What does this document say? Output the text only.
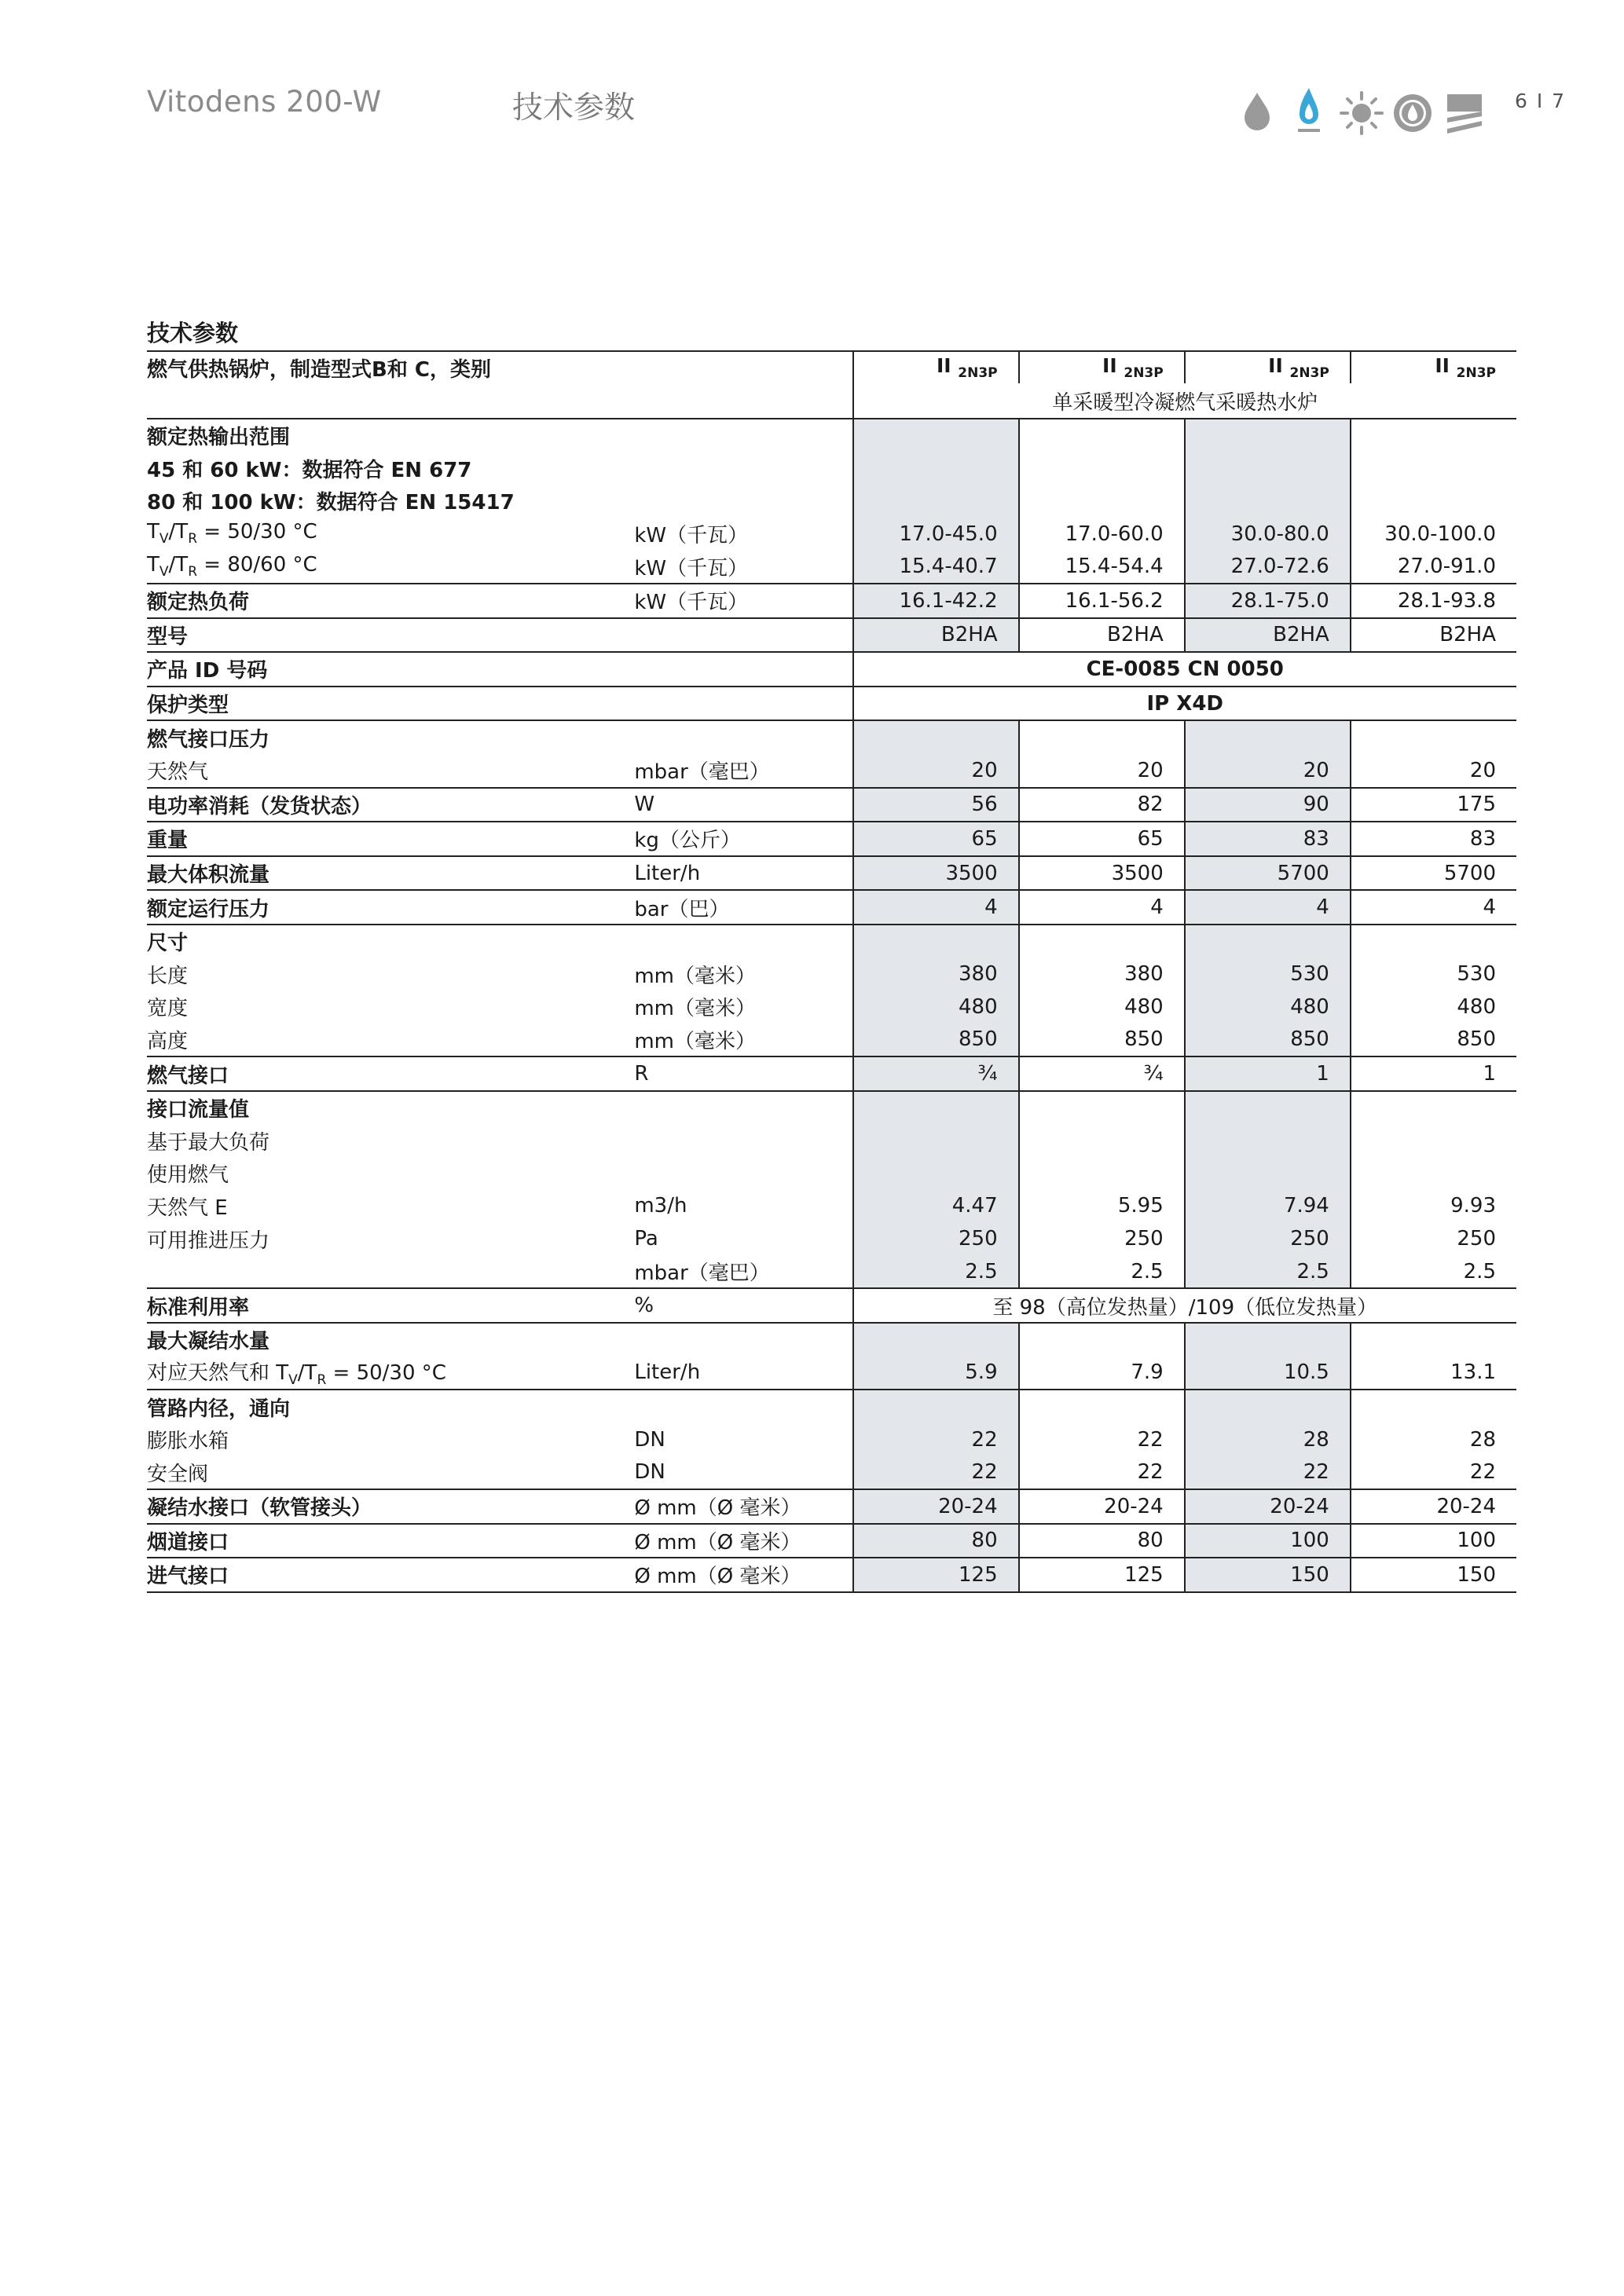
Vitodens 200-W	技术参数	6 I 7
技术参数
燃气供热锅炉，制造型式B和 C，类别		II $_{2N3P}$	II $_{2N3P}$	II $_{2N3P}$	II $_{2N3P}$
		单采暖型冷凝燃气采暖热水炉			
额定热输出范围					
45 和 60 kW：数据符合 EN 677					
80 和 100 kW：数据符合 EN 15417					
$T_V/T_R = 50/30$ °C	kW（千瓦）	17.0-45.0	17.0-60.0	30.0-80.0	30.0-100.0
$T_V/T_R = 80/60$ °C	kW（千瓦）	15.4-40.7	15.4-54.4	27.0-72.6	27.0-91.0
额定热负荷	kW（千瓦）	16.1-42.2	16.1-56.2	28.1-75.0	28.1-93.8
型号		B2HA	B2HA	B2HA	B2HA
产品 ID 号码		CE-0085 CN 0050			
保护类型		IP X4D			
燃气接口压力					
天然气	mbar（毫巴）	20	20	20	20
电功率消耗（发货状态）	W	56	82	90	175
重量	kg（公斤）	65	65	83	83
最大体积流量	Liter/h	3500	3500	5700	5700
额定运行压力	bar（巴）	4	4	4	4
尺寸					
长度	mm（毫米）	380	380	530	530
宽度	mm（毫米）	480	480	480	480
高度	mm（毫米）	850	850	850	850
燃气接口	R	¾	¾	1	1
接口流量值					
基于最大负荷					
使用燃气					
天然气 E	m3/h	4.47	5.95	7.94	9.93
可用推进压力	Pa	250	250	250	250
	mbar（毫巴）	2.5	2.5	2.5	2.5
标准利用率	%	至 98（高位发热量）/109（低位发热量）			
最大凝结水量					
对应天然气和 $T_V/T_R = 50/30$ °C	Liter/h	5.9	7.9	10.5	13.1
管路内径，通向					
膨胀水箱	DN	22	22	28	28
安全阀	DN	22	22	22	22
凝结水接口（软管接头）	Ø mm（Ø 毫米）	20-24	20-24	20-24	20-24
烟道接口	Ø mm（Ø 毫米）	80	80	100	100
进气接口	Ø mm（Ø 毫米）	125	125	150	150
